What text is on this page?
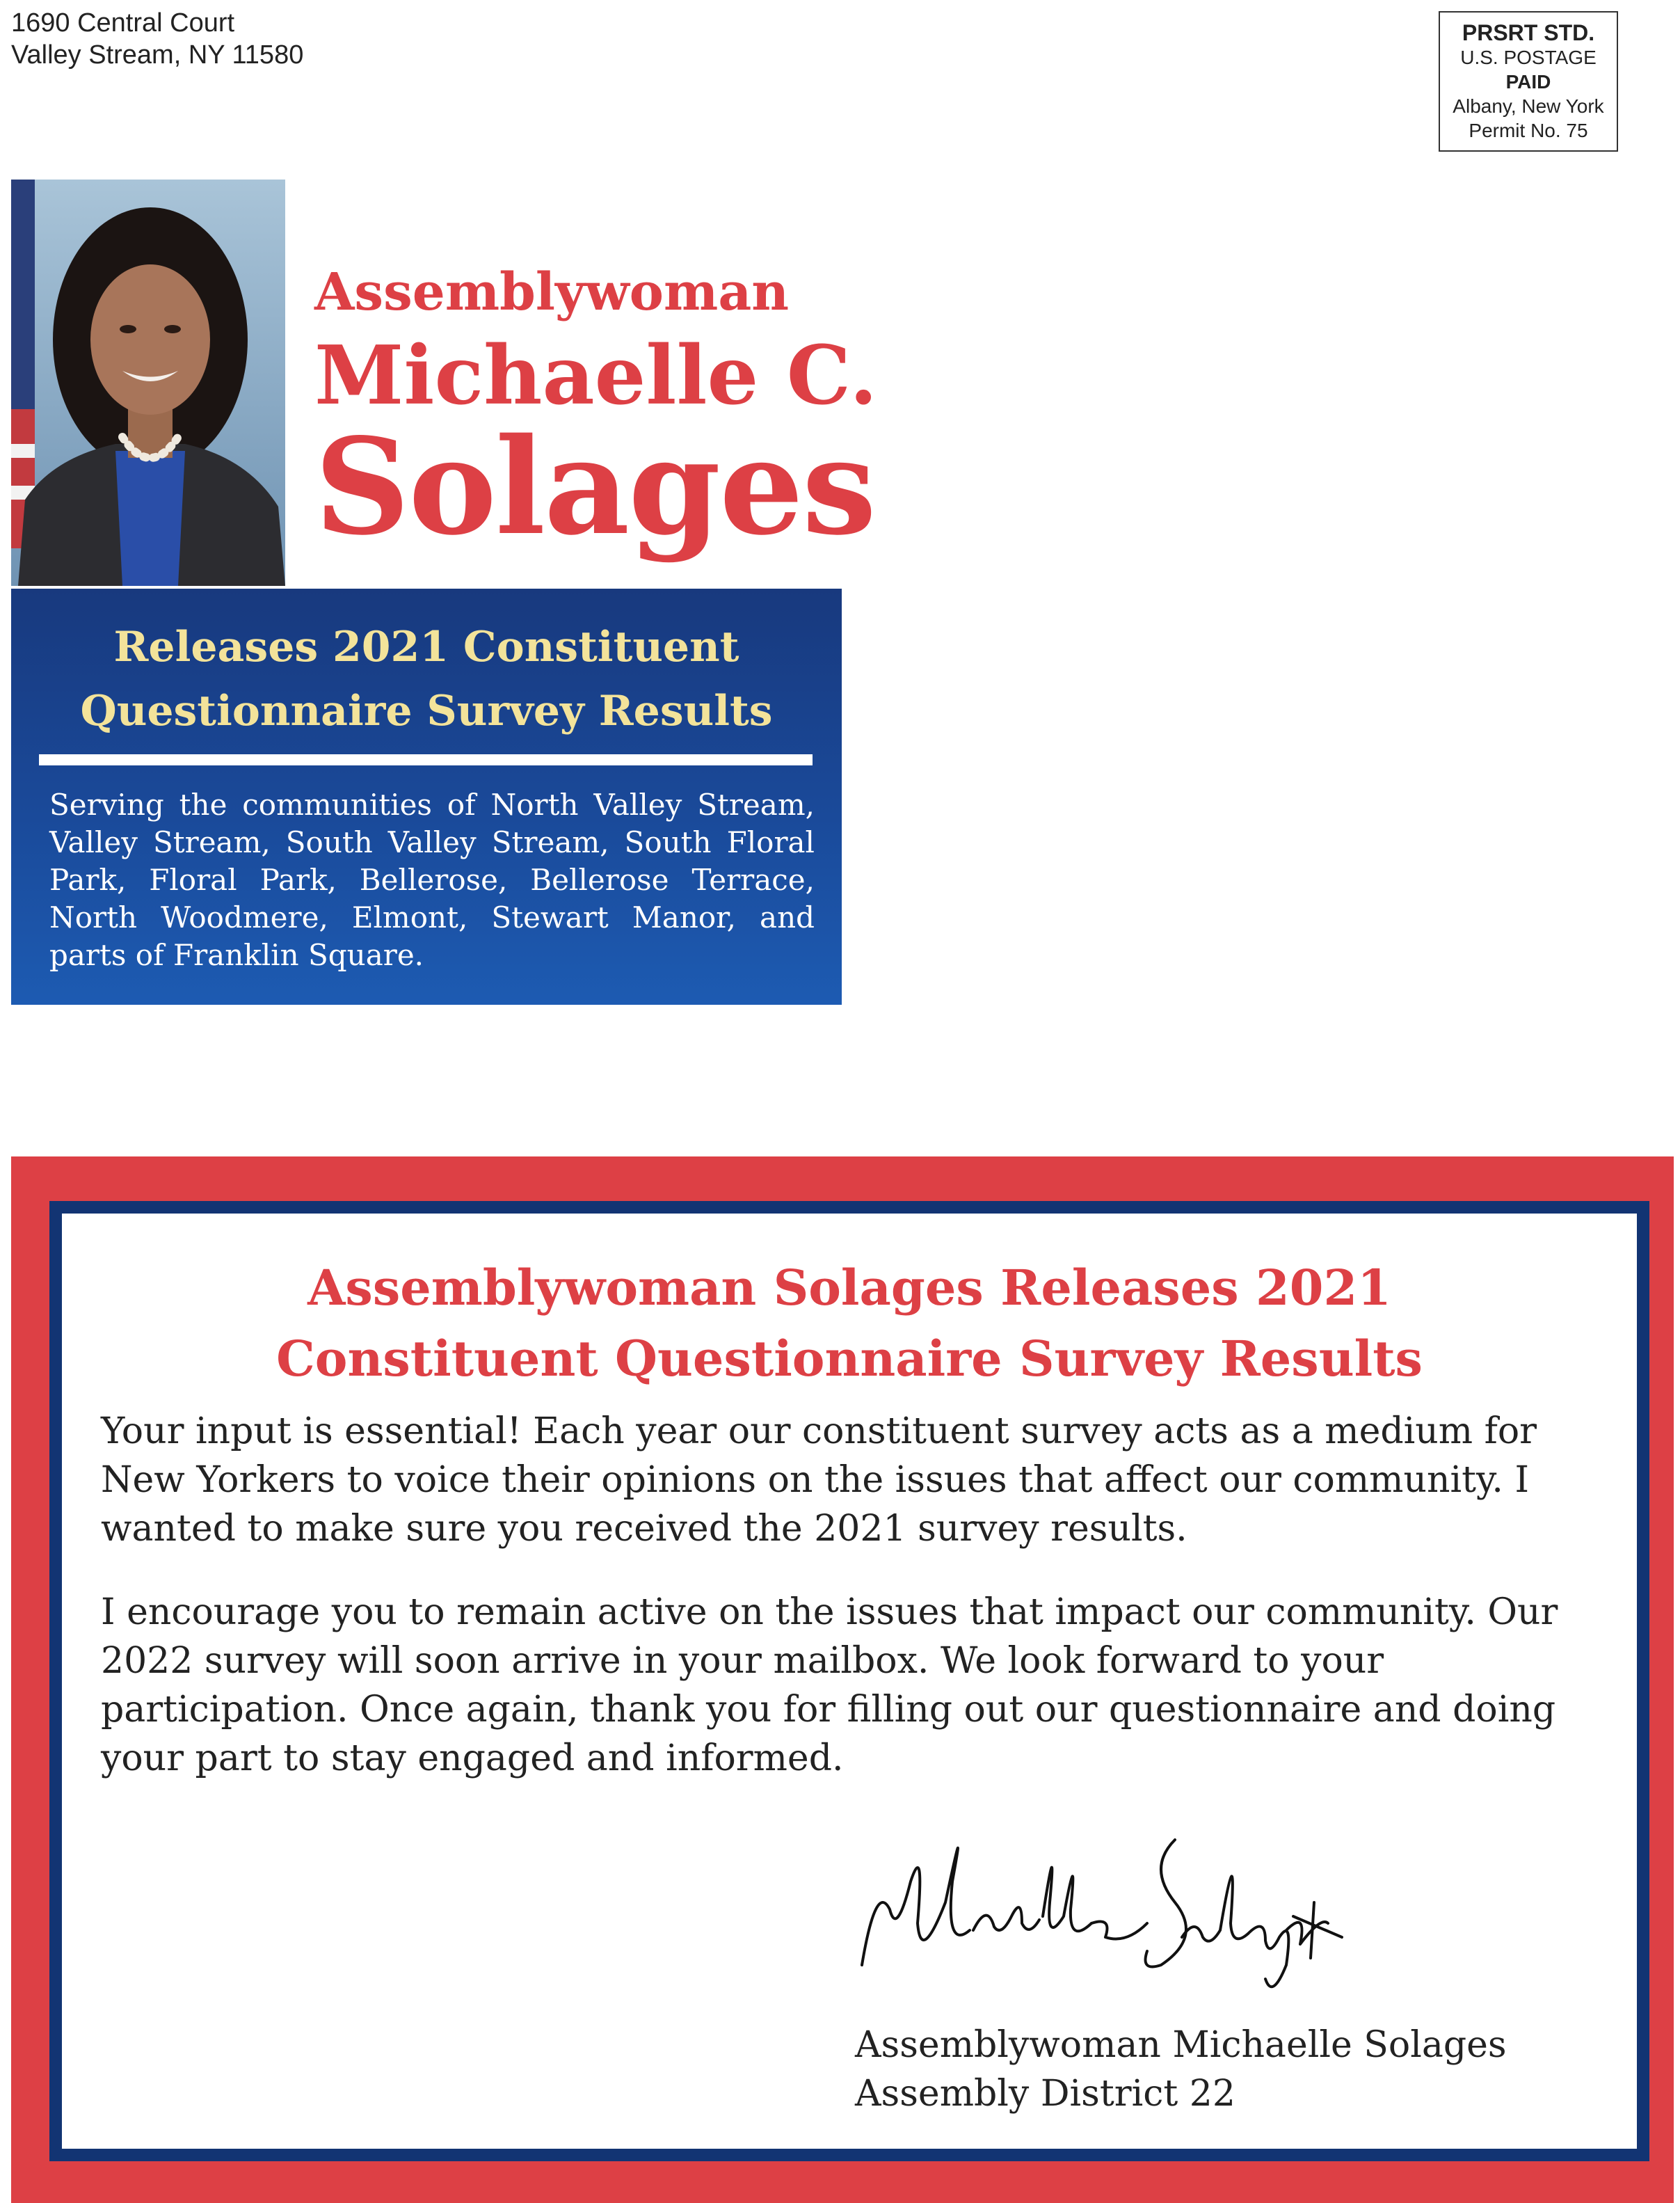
1690 Central Court
Valley Stream, NY 11580
PRSRT STD.
U.S. POSTAGE
PAID
Albany, New York
Permit No. 75
Assemblywoman
Michaelle C.
Solages
Releases 2021 Constituent
Questionnaire Survey Results
Serving the communities of North Valley Stream, Valley Stream, South Valley Stream, South Floral Park, Floral Park, Bellerose, Bellerose Terrace, North Woodmere, Elmont, Stewart Manor, and parts of Franklin Square.
Assemblywoman Solages Releases 2021
Constituent Questionnaire Survey Results
Your input is essential! Each year our constituent survey acts as a medium for New Yorkers to voice their opinions on the issues that affect our community. I wanted to make sure you received the 2021 survey results.
I encourage you to remain active on the issues that impact our community. Our 2022 survey will soon arrive in your mailbox. We look forward to your participation. Once again, thank you for filling out our questionnaire and doing your part to stay engaged and informed.
Assemblywoman Michaelle Solages
Assembly District 22
